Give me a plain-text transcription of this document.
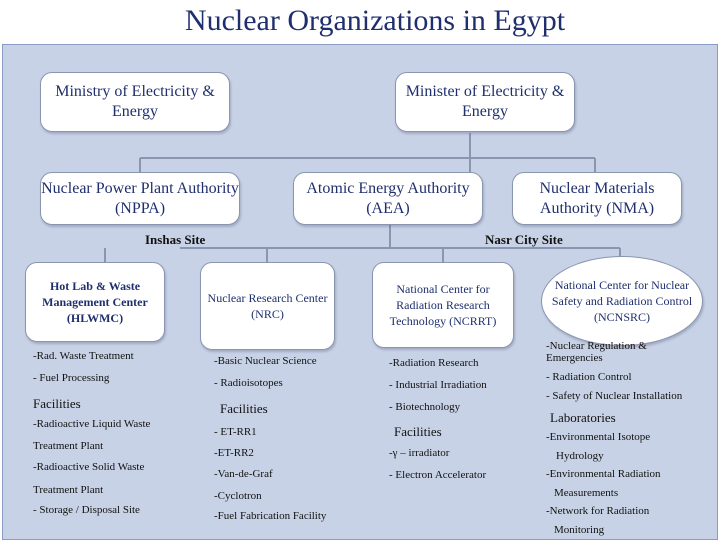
Nuclear Organizations in Egypt
Ministry of Electricity & Energy
Minister of Electricity & Energy
Nuclear Power Plant Authority (NPPA)
Atomic Energy Authority (AEA)
Nuclear Materials Authority (NMA)
Inshas Site	Nasr City Site
Hot Lab & Waste Management Center (HLWMC)
Nuclear Research Center (NRC)
National Center for Radiation Research Technology (NCRRT)
National Center for Nuclear Safety and Radiation Control (NCNSRC)
-Rad. Waste Treatment
- Fuel Processing
Facilities
-Radioactive Liquid Waste
Treatment Plant
-Radioactive Solid Waste
Treatment Plant
- Storage / Disposal Site
-Basic Nuclear Science
- Radioisotopes
Facilities
- ET-RR1
-ET-RR2
-Van-de-Graf
-Cyclotron
-Fuel Fabrication Facility
-Radiation Research
- Industrial Irradiation
- Biotechnology
Facilities
-γ – irradiator
- Electron Accelerator
-Nuclear Regulation & Emergencies
- Radiation Control
- Safety of Nuclear Installation
Laboratories
-Environmental Isotope
Hydrology
-Environmental Radiation
Measurements
-Network for Radiation
Monitoring
